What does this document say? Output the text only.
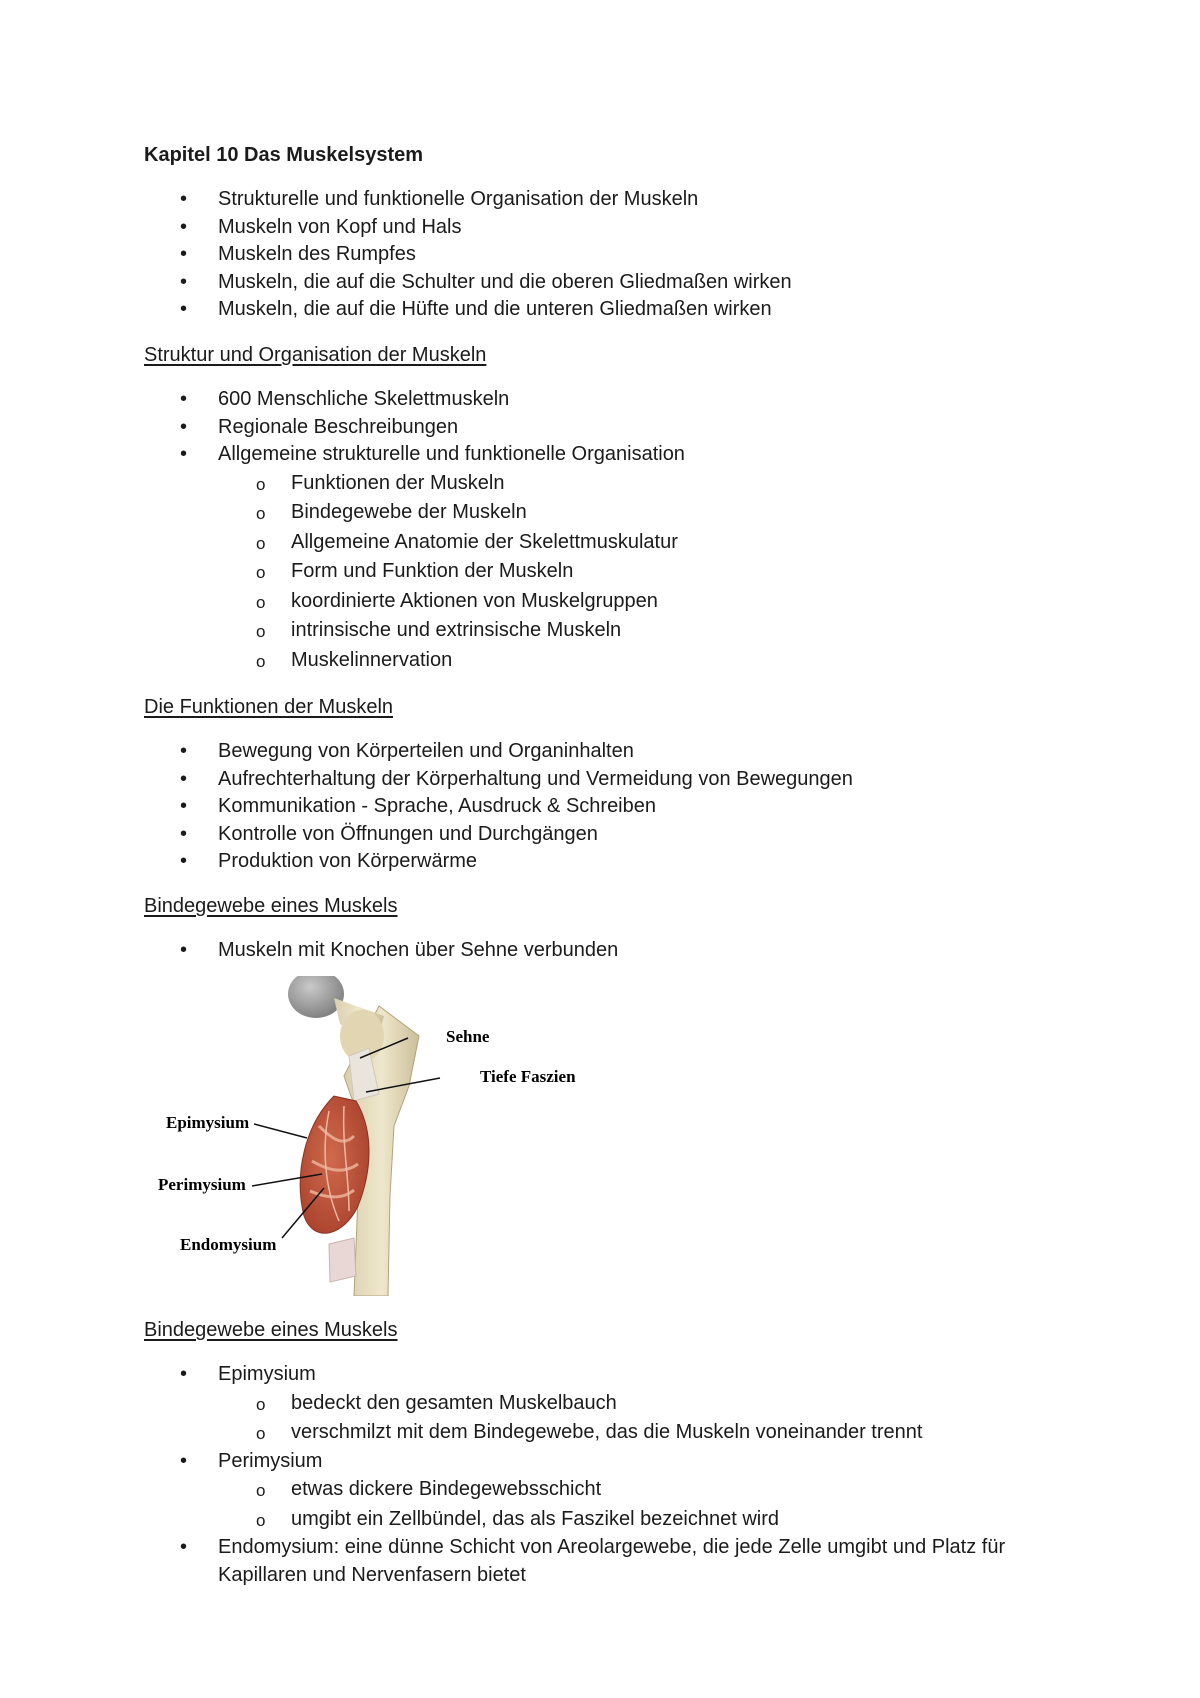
Kapitel 10 Das Muskelsystem

• Strukturelle und funktionelle Organisation der Muskeln
• Muskeln von Kopf und Hals
• Muskeln des Rumpfes
• Muskeln, die auf die Schulter und die oberen Gliedmaßen wirken
• Muskeln, die auf die Hüfte und die unteren Gliedmaßen wirken
Struktur und Organisation der Muskeln
• 600 Menschliche Skelettmuskeln
• Regionale Beschreibungen
• Allgemeine strukturelle und funktionelle Organisation
o Funktionen der Muskeln
o Bindegewebe der Muskeln
o Allgemeine Anatomie der Skelettmuskulatur
o Form und Funktion der Muskeln
o koordinierte Aktionen von Muskelgruppen
o intrinsische und extrinsische Muskeln
o Muskelinnervation
Die Funktionen der Muskeln
• Bewegung von Körperteilen und Organinhalten
• Aufrechterhaltung der Körperhaltung und Vermeidung von Bewegungen
• Kommunikation - Sprache, Ausdruck & Schreiben
• Kontrolle von Öffnungen und Durchgängen
• Produktion von Körperwärme
Bindegewebe eines Muskels
• Muskeln mit Knochen über Sehne verbunden
Sehne
Tiefe Faszien
Epimysium
Perimysium
Endomysium
Bindegewebe eines Muskels
• Epimysium
o bedeckt den gesamten Muskelbauch
o verschmilzt mit dem Bindegewebe, das die Muskeln voneinander trennt
• Perimysium
o etwas dickere Bindegewebsschicht
o umgibt ein Zellbündel, das als Faszikel bezeichnet wird
• Endomysium: eine dünne Schicht von Areolargewebe, die jede Zelle umgibt und Platz für Kapillaren und Nervenfasern bietet
